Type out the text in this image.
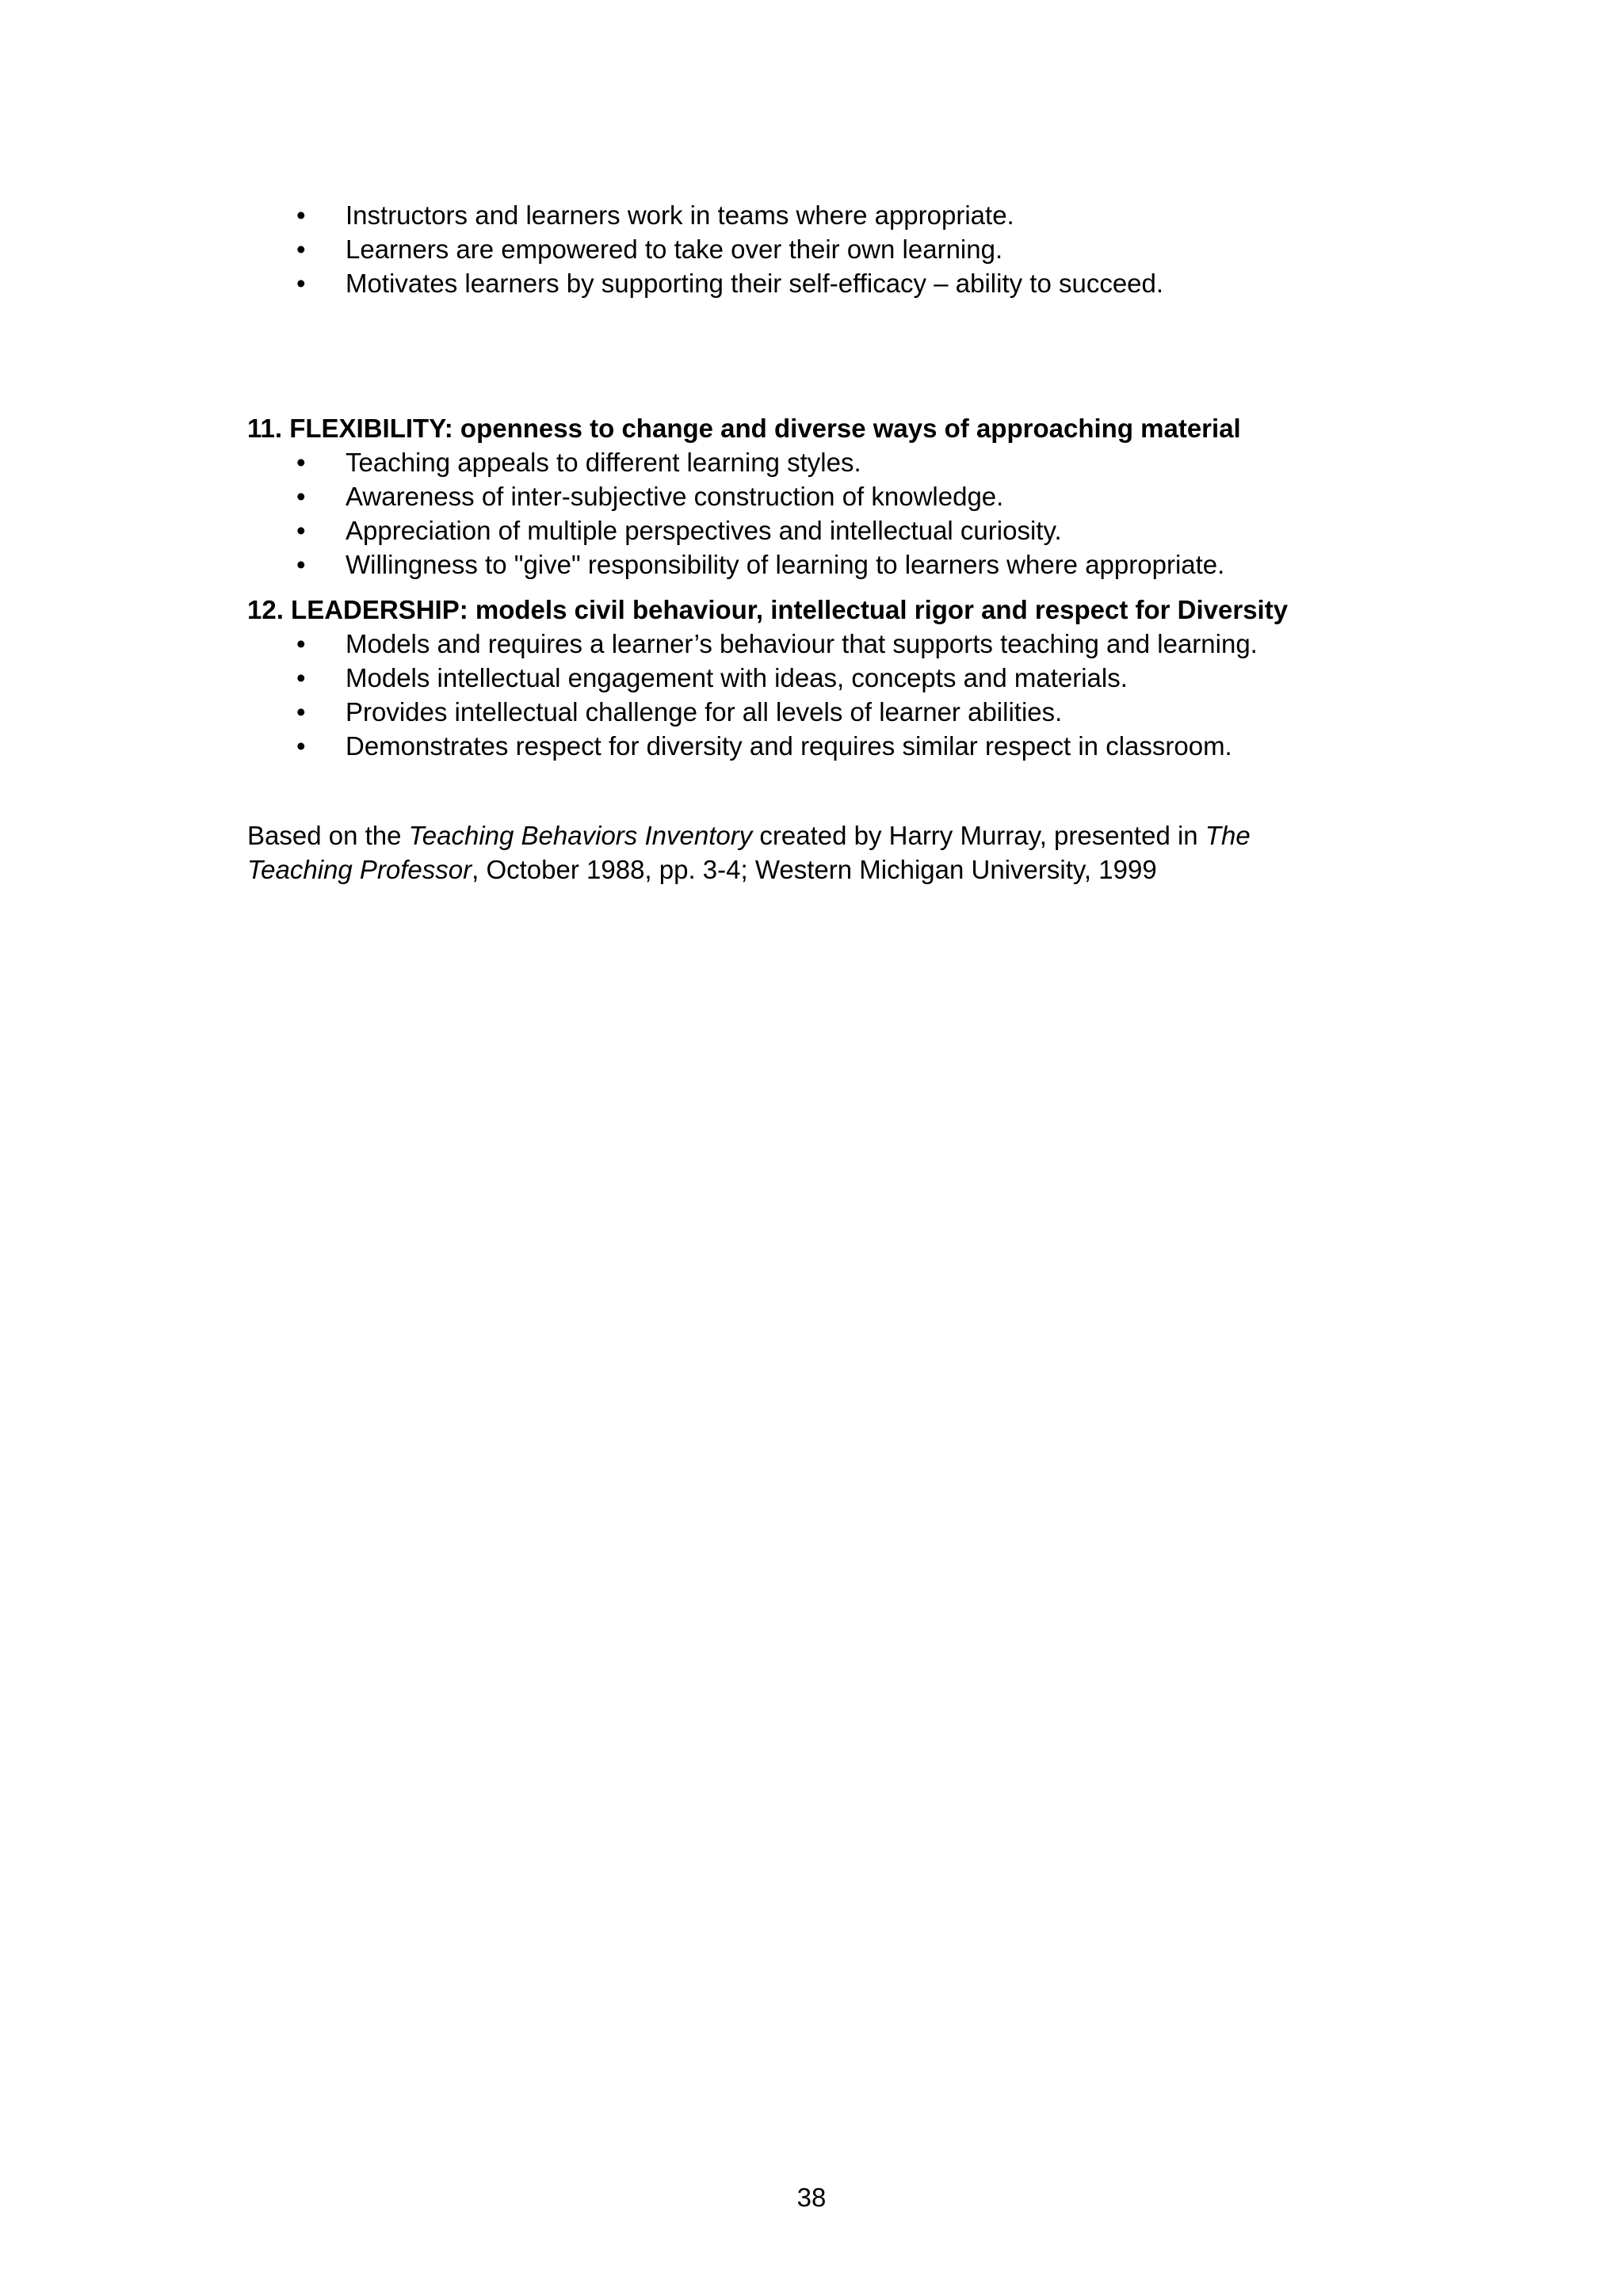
• Instructors and learners work in teams where appropriate.
• Learners are empowered to take over their own learning.
• Motivates learners by supporting their self-efficacy – ability to succeed.

11. FLEXIBILITY: openness to change and diverse ways of approaching material

• Teaching appeals to different learning styles.
• Awareness of inter-subjective construction of knowledge.
• Appreciation of multiple perspectives and intellectual curiosity.
• Willingness to "give" responsibility of learning to learners where appropriate.

12. LEADERSHIP: models civil behaviour, intellectual rigor and respect for Diversity

• Models and requires a learner’s behaviour that supports teaching and learning.
• Models intellectual engagement with ideas, concepts and materials.
• Provides intellectual challenge for all levels of learner abilities.
• Demonstrates respect for diversity and requires similar respect in classroom.

Based on the Teaching Behaviors Inventory created by Harry Murray, presented in The
Teaching Professor, October 1988, pp. 3-4; Western Michigan University, 1999

38
